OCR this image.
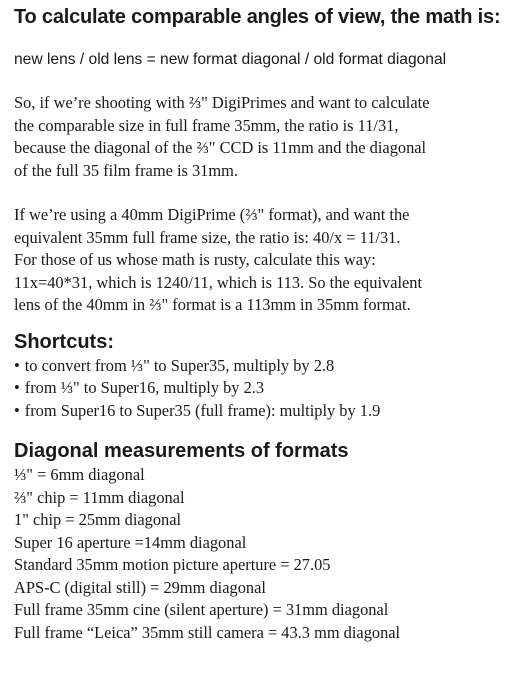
To calculate comparable angles of view, the math is:

new lens / old lens = new format diagonal / old format diagonal

So, if we’re shooting with ⅔" DigiPrimes and want to calculate
the comparable size in full frame 35mm, the ratio is 11/31,
because the diagonal of the ⅔" CCD is 11mm and the diagonal
of the full 35 film frame is 31mm.

If we’re using a 40mm DigiPrime (⅔" format), and want the
equivalent 35mm full frame size, the ratio is: 40/x = 11/31.
For those of us whose math is rusty, calculate this way:
11x=40*31, which is 1240/11, which is 113. So the equivalent
lens of the 40mm in ⅔" format is a 113mm in 35mm format.

Shortcuts:
• to convert from ⅓" to Super35, multiply by 2.8
• from ⅓" to Super16, multiply by 2.3
• from Super16 to Super35 (full frame): multiply by 1.9
Diagonal measurements of formats
⅓" = 6mm diagonal
⅔" chip = 11mm diagonal
1" chip = 25mm diagonal
Super 16 aperture =14mm diagonal
Standard 35mm motion picture aperture = 27.05
APS-C (digital still) = 29mm diagonal
Full frame 35mm cine (silent aperture) = 31mm diagonal
Full frame “Leica” 35mm still camera = 43.3 mm diagonal
